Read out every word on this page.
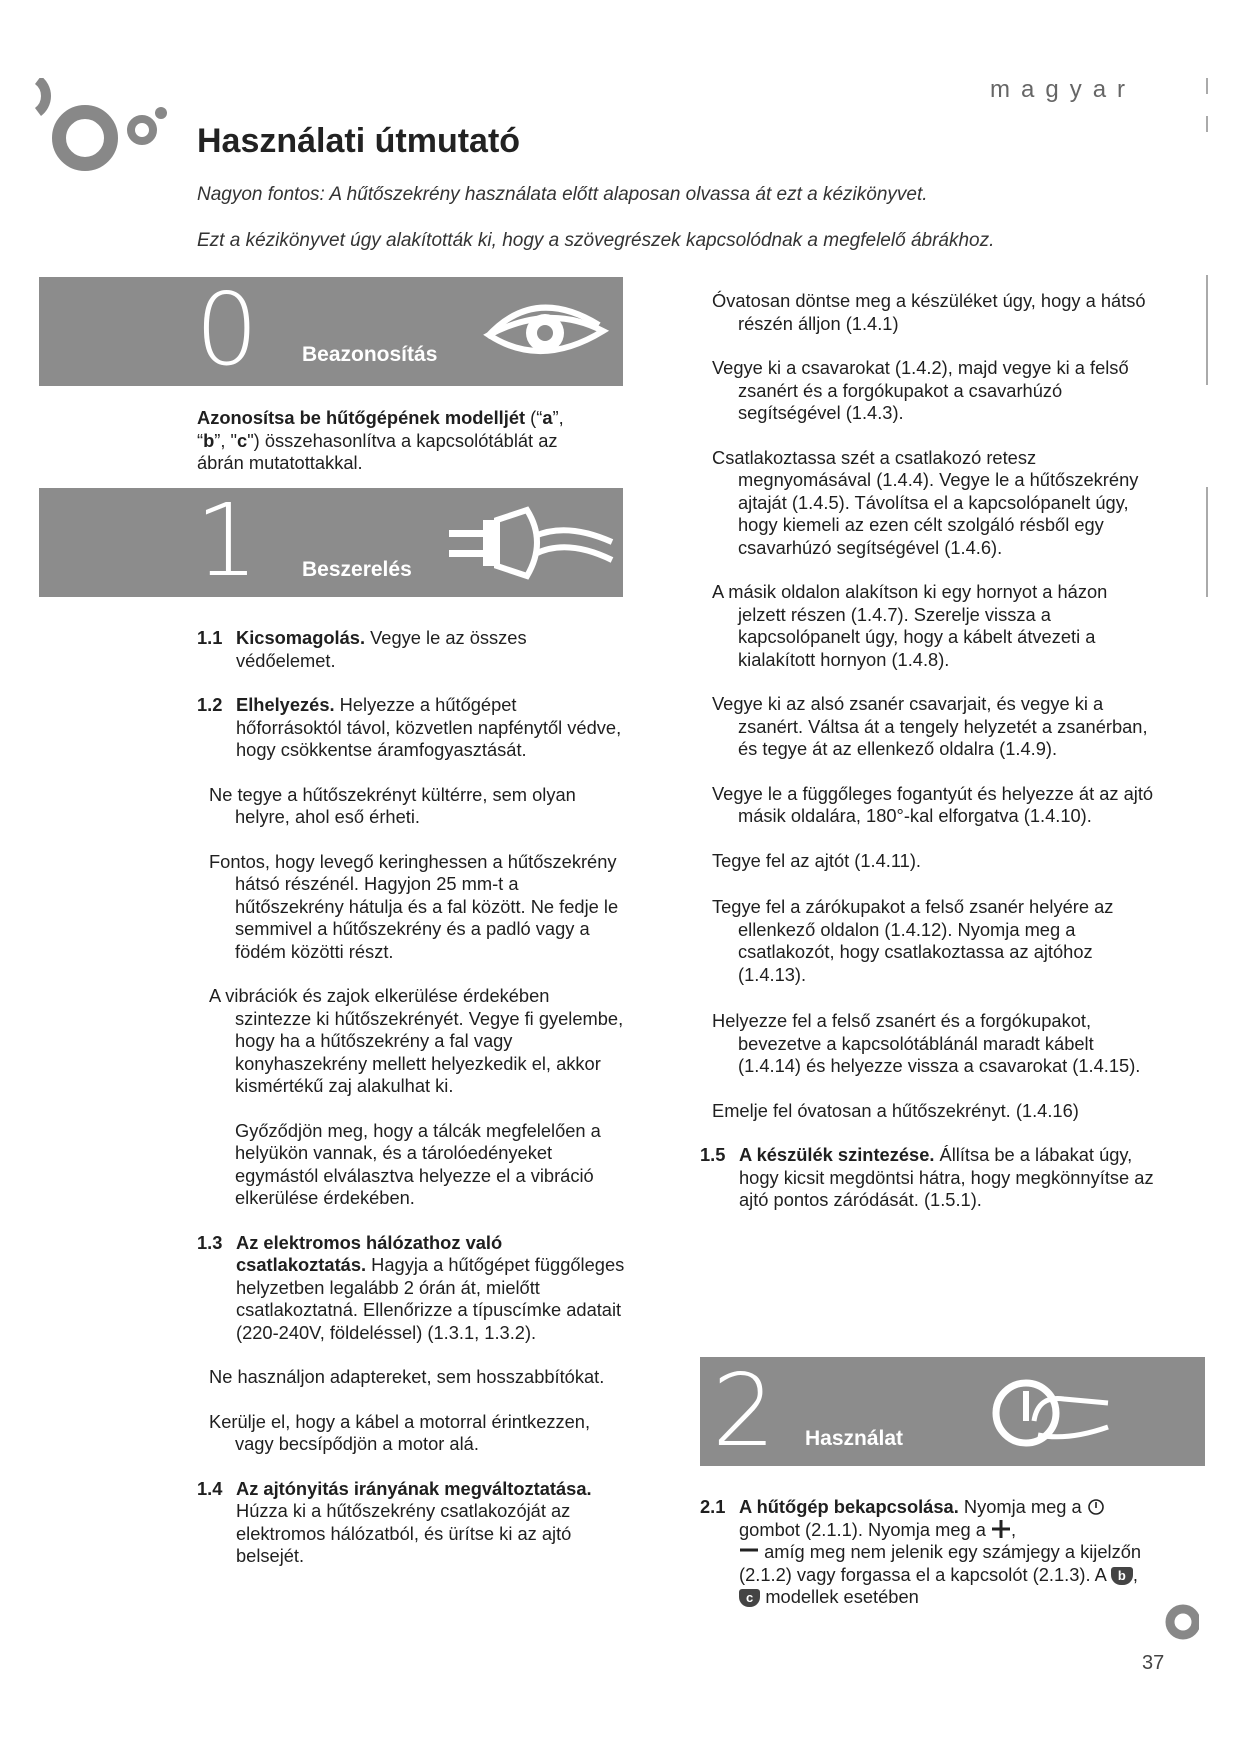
magyar
Használati útmutató

Nagyon fontos: A hűtőszekrény használata előtt alaposan olvassa át ezt a kézikönyvet.

Ezt a kézikönyvet úgy alakították ki, hogy a szövegrészek kapcsolódnak a megfelelő ábrákhoz.

0 Beazonosítás

Azonosítsa be hűtőgépének modelljét (“a”, “b”, "c") összehasonlítva a kapcsolótáblát az ábrán mutatottakkal.

1 Beszerelés
1.1 Kicsomagolás. Vegye le az összes védőelemet.
1.2 Elhelyezés. Helyezze a hűtőgépet hőforrásoktól távol, közvetlen napfénytől védve, hogy csökkentse áramfogyasztását.

Ne tegye a hűtőszekrényt kültérre, sem olyan helyre, ahol eső érheti.

Fontos, hogy levegő keringhessen a hűtőszekrény hátsó részénél. Hagyjon 25 mm-t a hűtőszekrény hátulja és a fal között. Ne fedje le semmivel a hűtőszekrény és a padló vagy a födém közötti részt.

A vibrációk és zajok elkerülése érdekében szintezze ki hűtőszekrényét. Vegye fi gyelembe, hogy ha a hűtőszekrény a fal vagy konyhaszekrény mellett helyezkedik el, akkor kismértékű zaj alakulhat ki.

Győződjön meg, hogy a tálcák megfelelően a helyükön vannak, és a tárolóedényeket egymástól elválasztva helyezze el a vibráció elkerülése érdekében.

1.3 Az elektromos hálózathoz való csatlakoztatás. Hagyja a hűtőgépet függőleges helyzetben legalább 2 órán át, mielőtt csatlakoztatná. Ellenőrizze a típuscímke adatait (220-240V, földeléssel) (1.3.1, 1.3.2).

Ne használjon adaptereket, sem hosszabbítókat.

Kerülje el, hogy a kábel a motorral érintkezzen, vagy becsípődjön a motor alá.

1.4 Az ajtónyitás irányának megváltoztatása. Húzza ki a hűtőszekrény csatlakozóját az elektromos hálózatból, és ürítse ki az ajtó belsejét.

Óvatosan döntse meg a készüléket úgy, hogy a hátsó részén álljon (1.4.1)

Vegye ki a csavarokat (1.4.2), majd vegye ki a felső zsanért és a forgókupakot a csavarhúzó segítségével (1.4.3).

Csatlakoztassa szét a csatlakozó retesz megnyomásával (1.4.4). Vegye le a hűtőszekrény ajtaját (1.4.5). Távolítsa el a kapcsolópanelt úgy, hogy kiemeli az ezen célt szolgáló résből egy csavarhúzó segítségével (1.4.6).

A másik oldalon alakítson ki egy hornyot a házon jelzett részen (1.4.7). Szerelje vissza a kapcsolópanelt úgy, hogy a kábelt átvezeti a kialakított hornyon (1.4.8).

Vegye ki az alsó zsanér csavarjait, és vegye ki a zsanért. Váltsa át a tengely helyzetét a zsanérban, és tegye át az ellenkező oldalra (1.4.9).

Vegye le a függőleges fogantyút és helyezze át az ajtó másik oldalára, 180°-kal elforgatva (1.4.10).

Tegye fel az ajtót (1.4.11).

Tegye fel a zárókupakot a felső zsanér helyére az ellenkező oldalon (1.4.12). Nyomja meg a csatlakozót, hogy csatlakoztassa az ajtóhoz (1.4.13).

Helyezze fel a felső zsanért és a forgókupakot, bevezetve a kapcsolótáblánál maradt kábelt (1.4.14) és helyezze vissza a csavarokat (1.4.15).

Emelje fel óvatosan a hűtőszekrényt. (1.4.16)

1.5 A készülék szintezése. Állítsa be a lábakat úgy, hogy kicsit megdöntsi hátra, hogy megkönnyítse az ajtó pontos záródását. (1.5.1).
2 Használat
2.1 A hűtőgép bekapcsolása. Nyomja meg a  gombot (2.1.1). Nyomja meg a ,
amíg meg nem jelenik egy számjegy a kijelzőn (2.1.2) vagy forgassa el a kapcsolót (2.1.3). A b , c modellek esetében
37
